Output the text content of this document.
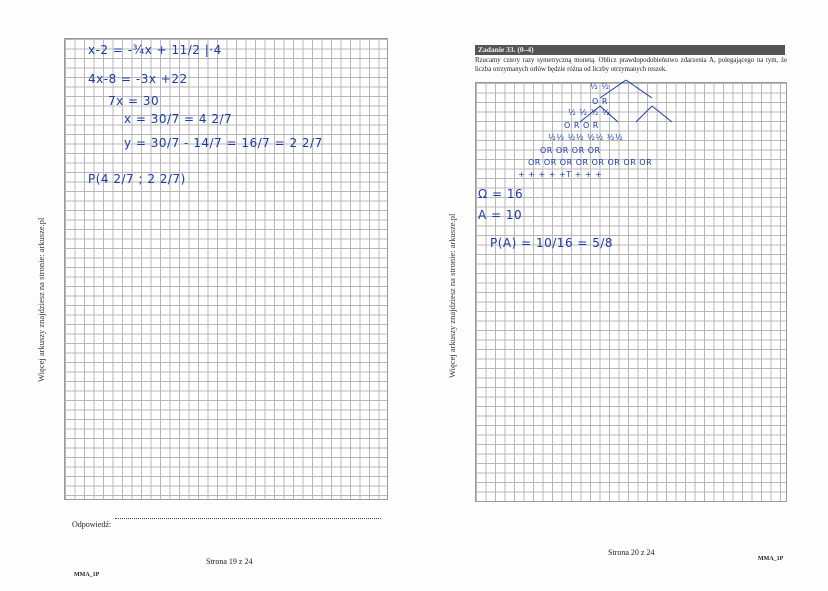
Więcej arkuszy znajdziesz na stronie: arkusze.pl
x-2 = -¾x + 11/2 |·4
4x-8 = -3x +22
7x = 30
x = 30/7 = 4 2/7
y = 30/7 - 14/7 = 16/7 = 2 2/7
P(4 2/7 ; 2 2/7)
Odpowiedź:
Strona 19 z 24
MMA_1P
Zadanie 33. (0–4)
Rzucamy cztery razy symetryczną monetą. Oblicz prawdopodobieństwo zdarzenia A, polegającego na tym, że liczba otrzymanych orłów będzie różna od liczby otrzymanych reszek.
Więcej arkuszy znajdziesz na stronie: arkusze.pl
½ ½
O R
½ ½ ½ ½
O R O R
½½ ½½ ½½ ½½
OR OR OR OR
OR OR OR OR OR OR OR OR
+ + + + +T + + +
Ω = 16
A = 10
P(A) = 10/16 = 5/8
Strona 20 z 24
MMA_1P
